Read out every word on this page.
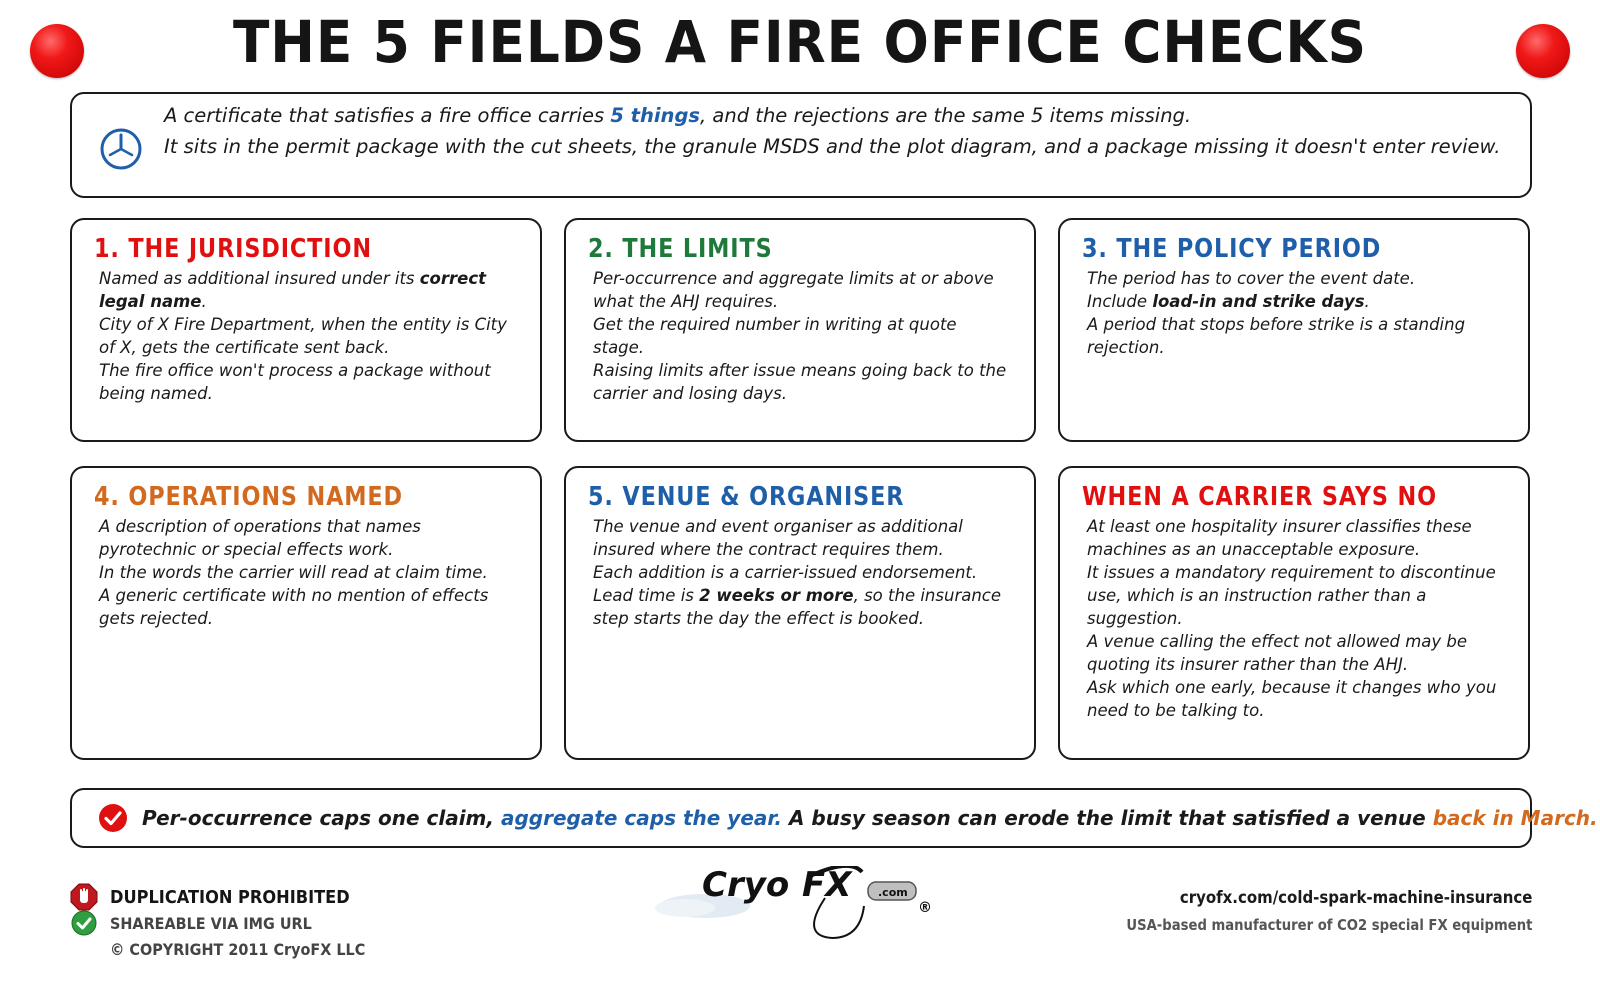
THE 5 FIELDS A FIRE OFFICE CHECKS
A certificate that satisfies a fire office carries 5 things, and the rejections are the same 5 items missing.
It sits in the permit package with the cut sheets, the granule MSDS and the plot diagram, and a package missing it doesn't enter review.
1. THE JURISDICTION

Named as additional insured under its correct legal name.

City of X Fire Department, when the entity is City of X, gets the certificate sent back.

The fire office won't process a package without being named.

2. THE LIMITS

Per-occurrence and aggregate limits at or above what the AHJ requires.

Get the required number in writing at quote stage.

Raising limits after issue means going back to the carrier and losing days.

3. THE POLICY PERIOD

The period has to cover the event date.

Include load-in and strike days.

A period that stops before strike is a standing rejection.

4. OPERATIONS NAMED

A description of operations that names pyrotechnic or special effects work.

In the words the carrier will read at claim time.

A generic certificate with no mention of effects gets rejected.

5. VENUE & ORGANISER

The venue and event organiser as additional insured where the contract requires them.

Each addition is a carrier-issued endorsement.

Lead time is 2 weeks or more, so the insurance step starts the day the effect is booked.

WHEN A CARRIER SAYS NO

At least one hospitality insurer classifies these machines as an unacceptable exposure.

It issues a mandatory requirement to discontinue use, which is an instruction rather than a suggestion.

A venue calling the effect not allowed may be quoting its insurer rather than the AHJ.

Ask which one early, because it changes who you need to be talking to.

Per-occurrence caps one claim, aggregate caps the year. A busy season can erode the limit that satisfied a venue back in March.
DUPLICATION PROHIBITED
SHAREABLE VIA IMG URL
© COPYRIGHT 2011 CryoFX LLC
Cryo FX .com
®	cryofx.com/cold-spark-machine-insurance
USA-based manufacturer of CO2 special FX equipment
